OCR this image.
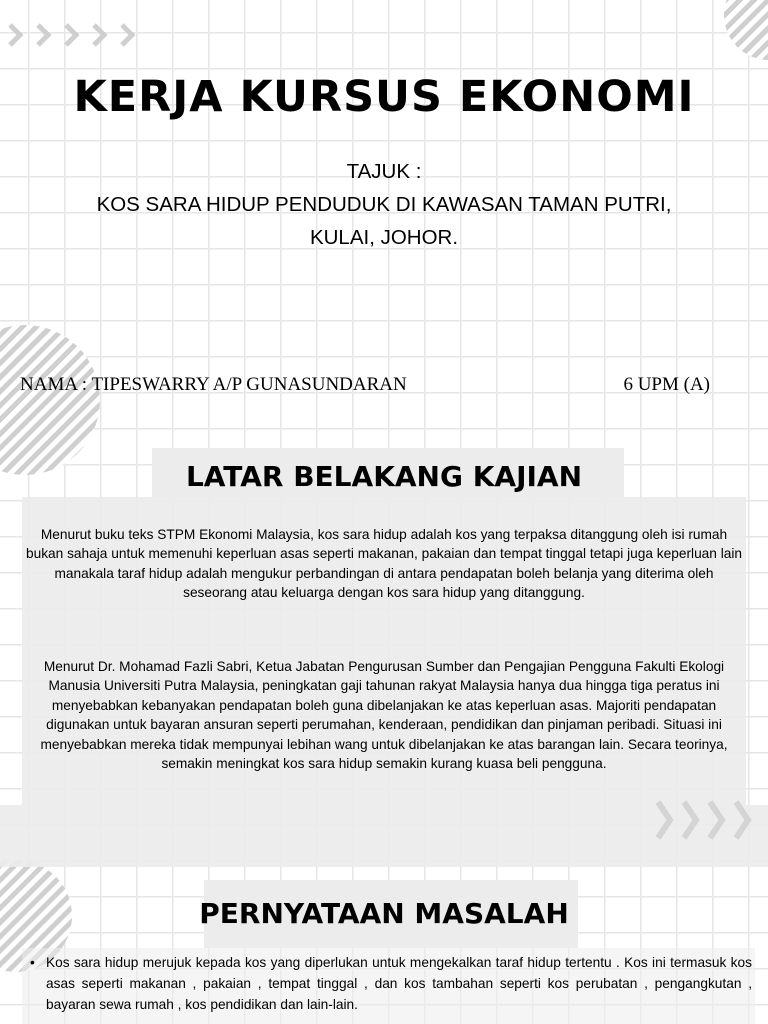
KERJA KURSUS EKONOMI
TAJUK :
KOS SARA HIDUP PENDUDUK DI KAWASAN TAMAN PUTRI,
KULAI, JOHOR.
NAMA : TIPESWARRY A/P GUNASUNDARAN	6 UPM (A)
LATAR BELAKANG KAJIAN

Menurut buku teks STPM Ekonomi Malaysia, kos sara hidup adalah kos yang terpaksa ditanggung oleh isi rumah bukan sahaja untuk memenuhi keperluan asas seperti makanan, pakaian dan tempat tinggal tetapi juga keperluan lain manakala taraf hidup adalah mengukur perbandingan di antara pendapatan boleh belanja yang diterima oleh seseorang atau keluarga dengan kos sara hidup yang ditanggung.

Menurut Dr. Mohamad Fazli Sabri, Ketua Jabatan Pengurusan Sumber dan Pengajian Pengguna Fakulti Ekologi Manusia Universiti Putra Malaysia, peningkatan gaji tahunan rakyat Malaysia hanya dua hingga tiga peratus ini menyebabkan kebanyakan pendapatan boleh guna dibelanjakan ke atas keperluan asas. Majoriti pendapatan digunakan untuk bayaran ansuran seperti perumahan, kenderaan, pendidikan dan pinjaman peribadi. Situasi ini menyebabkan mereka tidak mempunyai lebihan wang untuk dibelanjakan ke atas barangan lain. Secara teorinya, semakin meningkat kos sara hidup semakin kurang kuasa beli pengguna.

PERNYATAAN MASALAH

• Kos sara hidup merujuk kepada kos yang diperlukan untuk mengekalkan taraf hidup tertentu . Kos ini termasuk kos asas seperti makanan , pakaian , tempat tinggal , dan kos tambahan seperti kos perubatan , pengangkutan , bayaran sewa rumah , kos pendidikan dan lain-lain.
